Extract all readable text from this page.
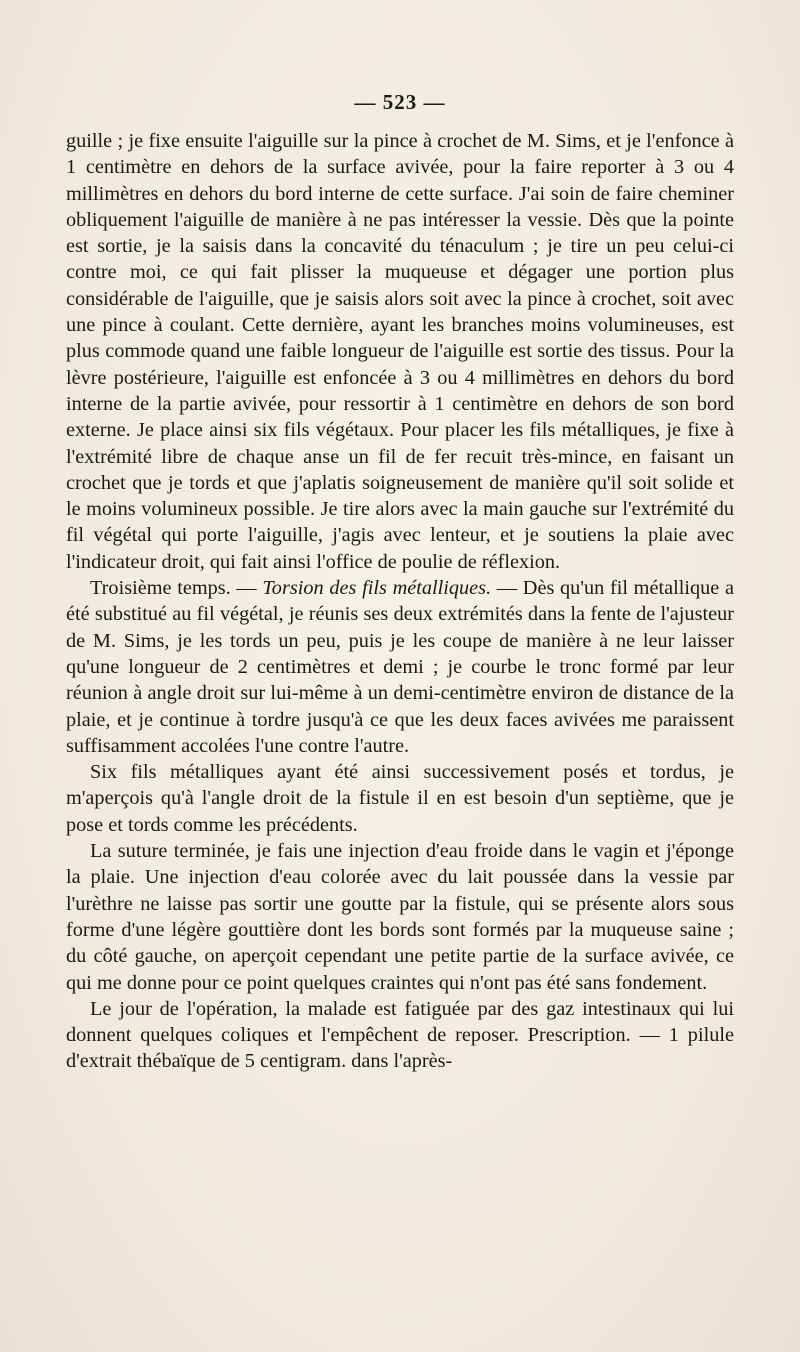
— 523 —

guille ; je fixe ensuite l'aiguille sur la pince à crochet de M. Sims, et je l'enfonce à 1 centimètre en dehors de la surface avivée, pour la faire reporter à 3 ou 4 millimètres en dehors du bord interne de cette surface. J'ai soin de faire cheminer obliquement l'aiguille de manière à ne pas intéresser la vessie. Dès que la pointe est sortie, je la saisis dans la concavité du ténaculum ; je tire un peu celui-ci contre moi, ce qui fait plisser la muqueuse et dégager une portion plus considérable de l'aiguille, que je saisis alors soit avec la pince à crochet, soit avec une pince à coulant. Cette dernière, ayant les branches moins volumineuses, est plus commode quand une faible longueur de l'aiguille est sortie des tissus. Pour la lèvre postérieure, l'aiguille est enfoncée à 3 ou 4 millimètres en dehors du bord interne de la partie avivée, pour ressortir à 1 centimètre en dehors de son bord externe. Je place ainsi six fils végétaux. Pour placer les fils métalliques, je fixe à l'extrémité libre de chaque anse un fil de fer recuit très-mince, en faisant un crochet que je tords et que j'aplatis soigneusement de manière qu'il soit solide et le moins volumineux possible. Je tire alors avec la main gauche sur l'extrémité du fil végétal qui porte l'aiguille, j'agis avec lenteur, et je soutiens la plaie avec l'indicateur droit, qui fait ainsi l'office de poulie de réflexion.

Troisième temps. — Torsion des fils métalliques. — Dès qu'un fil métallique a été substitué au fil végétal, je réunis ses deux extrémités dans la fente de l'ajusteur de M. Sims, je les tords un peu, puis je les coupe de manière à ne leur laisser qu'une longueur de 2 centimètres et demi ; je courbe le tronc formé par leur réunion à angle droit sur lui-même à un demi-centimètre environ de distance de la plaie, et je continue à tordre jusqu'à ce que les deux faces avivées me paraissent suffisamment accolées l'une contre l'autre.

Six fils métalliques ayant été ainsi successivement posés et tordus, je m'aperçois qu'à l'angle droit de la fistule il en est besoin d'un septième, que je pose et tords comme les précédents.

La suture terminée, je fais une injection d'eau froide dans le vagin et j'éponge la plaie. Une injection d'eau colorée avec du lait poussée dans la vessie par l'urèthre ne laisse pas sortir une goutte par la fistule, qui se présente alors sous forme d'une légère gouttière dont les bords sont formés par la muqueuse saine ; du côté gauche, on aperçoit cependant une petite partie de la surface avivée, ce qui me donne pour ce point quelques craintes qui n'ont pas été sans fondement.

Le jour de l'opération, la malade est fatiguée par des gaz intestinaux qui lui donnent quelques coliques et l'empêchent de reposer. Prescription. — 1 pilule d'extrait thébaïque de 5 centigram. dans l'après-
